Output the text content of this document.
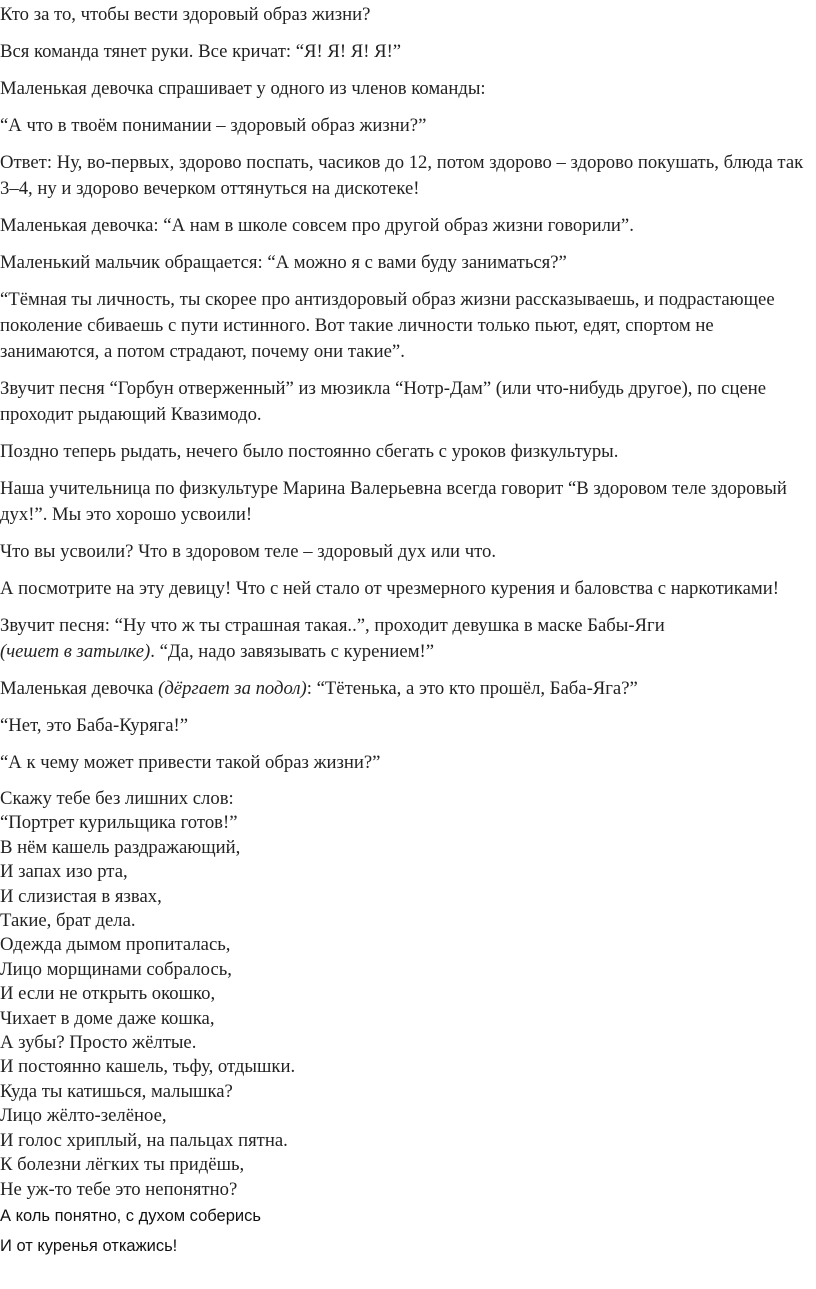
Кто за то, чтобы вести здоровый образ жизни?

Вся команда тянет руки. Все кричат: “Я! Я! Я! Я!”

Маленькая девочка спрашивает у одного из членов команды:

“А что в твоём понимании – здоровый образ жизни?”

Ответ: Ну, во-первых, здорово поспать, часиков до 12, потом здорово – здорово покушать, блюда так 3–4, ну и здорово вечерком оттянуться на дискотеке!

Маленькая девочка: “А нам в школе совсем про другой образ жизни говорили”.

Маленький мальчик обращается: “А можно я с вами буду заниматься?”

“Тёмная ты личность, ты скорее про антиздоровый образ жизни рассказываешь, и подрастающее поколение сбиваешь с пути истинного. Вот такие личности только пьют, едят, спортом не занимаются, а потом страдают, почему они такие”.

Звучит песня “Горбун отверженный” из мюзикла “Нотр-Дам” (или что-нибудь другое), по сцене проходит рыдающий Квазимодо.

Поздно теперь рыдать, нечего было постоянно сбегать с уроков физкультуры.

Наша учительница по физкультуре Марина Валерьевна всегда говорит “В здоровом теле здоровый дух!”. Мы это хорошо усвоили!

Что вы усвоили? Что в здоровом теле – здоровый дух или что.

А посмотрите на эту девицу! Что с ней стало от чрезмерного курения и баловства с наркотиками!

Звучит песня: “Ну что ж ты страшная такая..”, проходит девушка в маске Бабы-Яги (чешет в затылке). “Да, надо завязывать с курением!”

Маленькая девочка (дёргает за подол): “Тётенька, а это кто прошёл, Баба-Яга?”

“Нет, это Баба-Куряга!”

“А к чему может привести такой образ жизни?”

Скажу тебе без лишних слов:
“Портрет курильщика готов!”
В нём кашель раздражающий,
И запах изо рта,
И слизистая в язвах,
Такие, брат дела.
Одежда дымом пропиталась,
Лицо морщинами собралось,
И если не открыть окошко,
Чихает в доме даже кошка,
А зубы? Просто жёлтые.
И постоянно кашель, тьфу, отдышки.
Куда ты катишься, малышка?
Лицо жёлто-зелёное,
И голос хриплый, на пальцах пятна.
К болезни лёгких ты придёшь,
Не уж-то тебе это непонятно?
А коль понятно, с духом соберись
И от куренья откажись!
